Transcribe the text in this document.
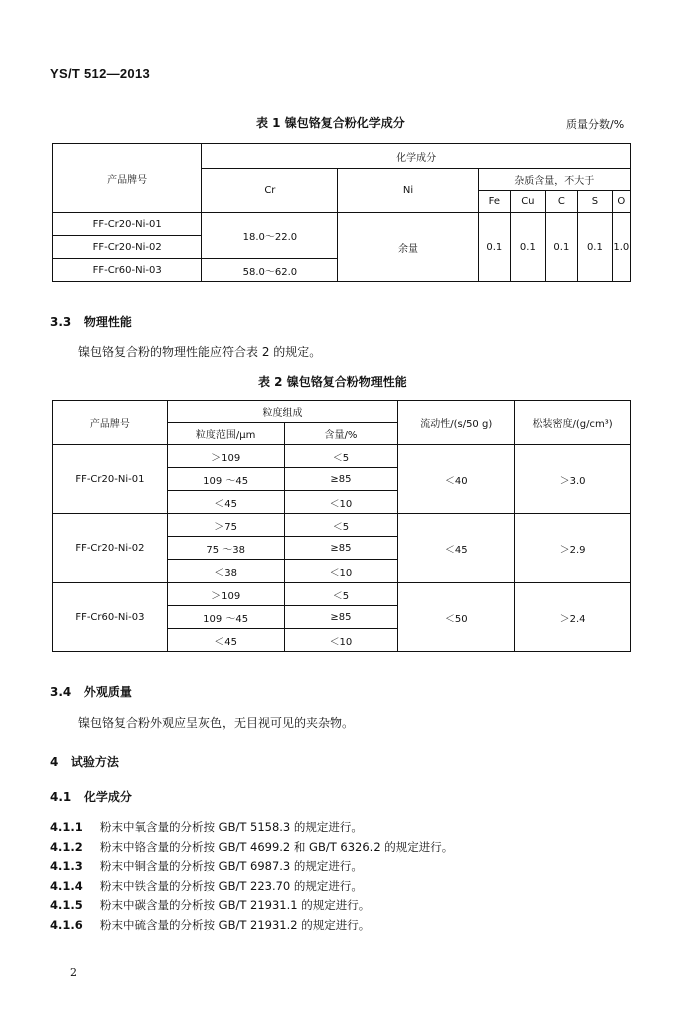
YS/T 512—2013
表 1 镍包铬复合粉化学成分	质量分数/%
产品牌号	化学成分						
	Cr	Ni	杂质含量，不大于				
			Fe	Cu	C	S	O
FF-Cr20-Ni-01	18.0～22.0	余量	0.1	0.1	0.1	0.1	1.0
FF-Cr20-Ni-02							
FF-Cr60-Ni-03	58.0～62.0						
3.3 物理性能
镍包铬复合粉的物理性能应符合表 2 的规定。
表 2 镍包铬复合粉物理性能
产品牌号	粒度组成		流动性/(s/50 g)	松装密度/(g/cm³)
	粒度范围/μm	含量/%		
FF-Cr20-Ni-01	＞109	＜5	＜40	＞3.0
	109 ～45	≥85		
	＜45	＜10		
FF-Cr20-Ni-02	＞75	＜5	＜45	＞2.9
	75 ～38	≥85		
	＜38	＜10		
FF-Cr60-Ni-03	＞109	＜5	＜50	＞2.4
	109 ～45	≥85		
	＜45	＜10		
3.4 外观质量
镍包铬复合粉外观应呈灰色，无目视可见的夹杂物。
4 试验方法
4.1 化学成分
4.1.1 粉末中氧含量的分析按 GB/T 5158.3 的规定进行。
4.1.2 粉末中铬含量的分析按 GB/T 4699.2 和 GB/T 6326.2 的规定进行。
4.1.3 粉末中铜含量的分析按 GB/T 6987.3 的规定进行。
4.1.4 粉末中铁含量的分析按 GB/T 223.70 的规定进行。
4.1.5 粉末中碳含量的分析按 GB/T 21931.1 的规定进行。
4.1.6 粉末中硫含量的分析按 GB/T 21931.2 的规定进行。
2
